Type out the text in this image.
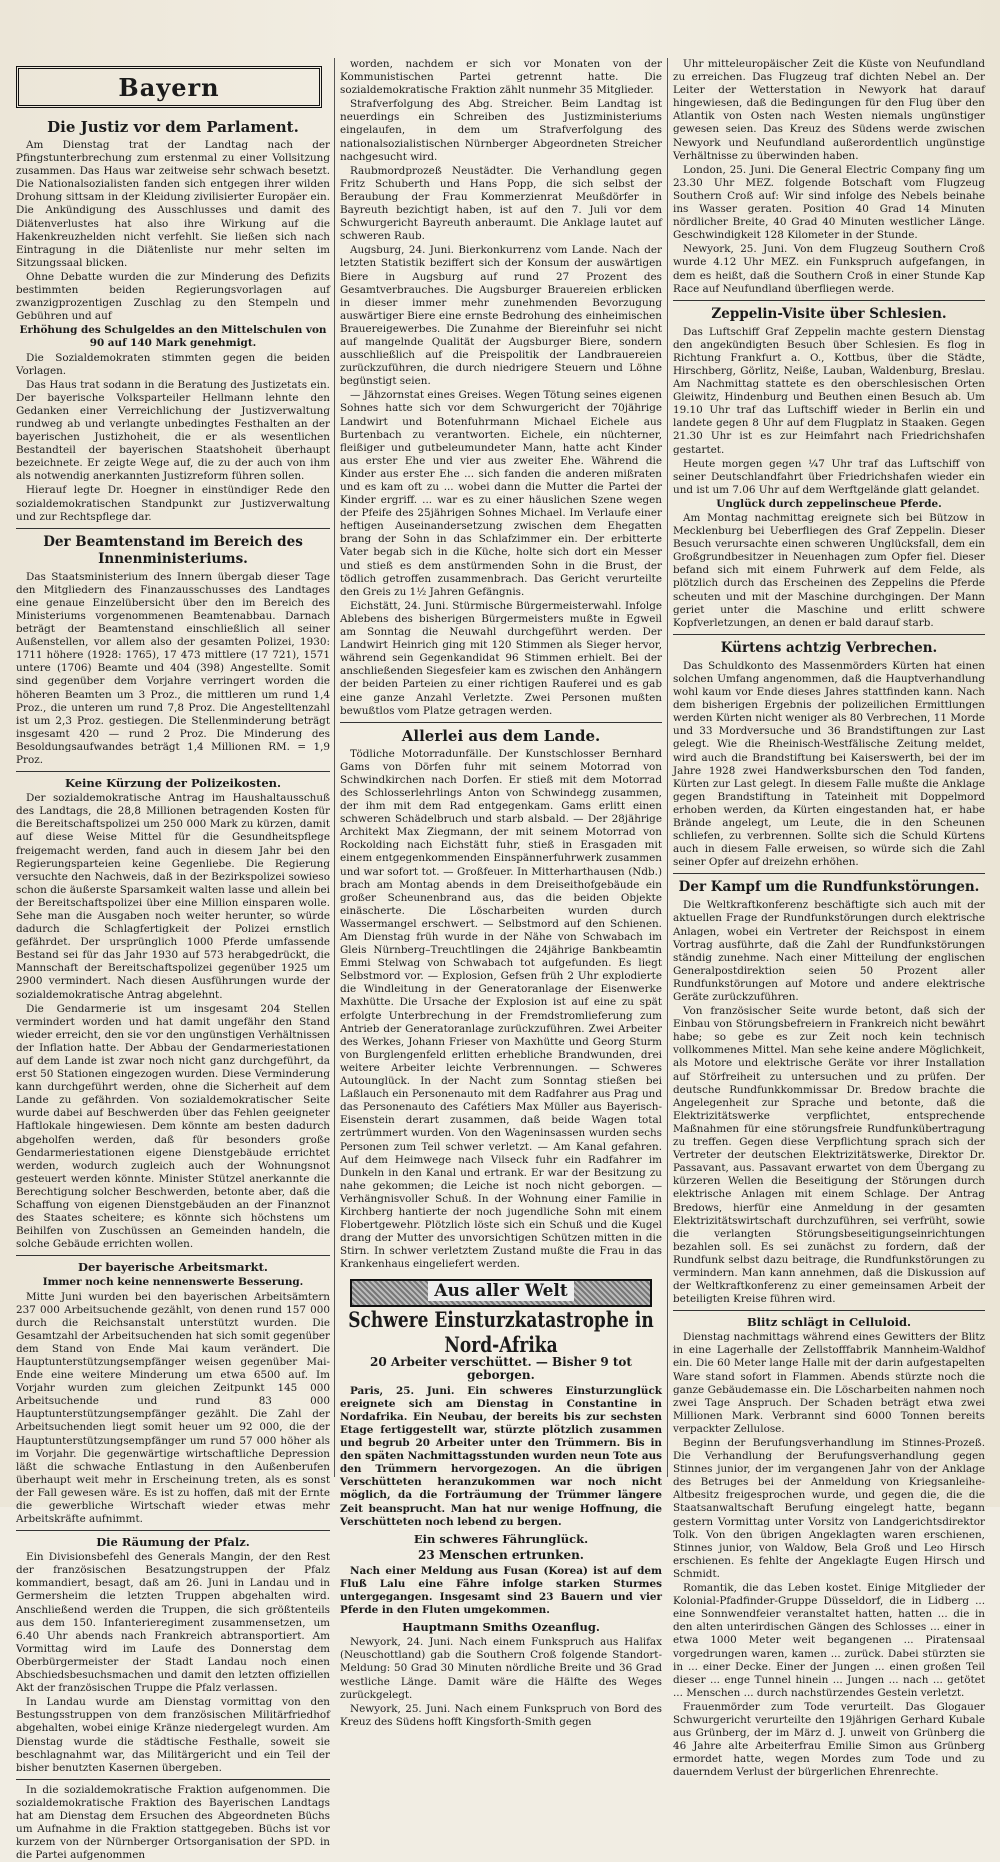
Die Justiz vor dem Parlament.

Am Dienstag trat der Landtag nach der Pfingstunterbrechung zum erstenmal zu einer Vollsitzung zusammen. Das Haus war zeitweise sehr schwach besetzt. Die Nationalsozialisten fanden sich entgegen ihrer wilden Drohung sittsam in der Kleidung zivilisierter Europäer ein. Die Ankündigung des Ausschlusses und damit des Diätenverlustes hat also ihre Wirkung auf die Hakenkreuzhelden nicht verfehlt. Sie ließen sich nach Eintragung in die Diätenliste nur mehr selten im Sitzungssaal blicken.

Ohne Debatte wurden die zur Minderung des Defizits bestimmten beiden Regierungsvorlagen auf zwanzigprozentigen Zuschlag zu den Stempeln und Gebühren und auf

Erhöhung des Schulgeldes an den Mittelschulen von 90 auf 140 Mark genehmigt.

Die Sozialdemokraten stimmten gegen die beiden Vorlagen.

Das Haus trat sodann in die Beratung des Justizetats ein. Der bayerische Volksparteiler Hellmann lehnte den Gedanken einer Verreichlichung der Justizverwaltung rundweg ab und verlangte unbedingtes Festhalten an der bayerischen Justizhoheit, die er als wesentlichen Bestandteil der bayerischen Staatshoheit überhaupt bezeichnete. Er zeigte Wege auf, die zu der auch von ihm als notwendig anerkannten Justizreform führen sollen.

Hierauf legte Dr. Hoegner in einstündiger Rede den sozialdemokratischen Standpunkt zur Justizverwaltung und zur Rechtspflege dar.

Der Beamtenstand im Bereich des Innenministeriums.

Das Staatsministerium des Innern übergab dieser Tage den Mitgliedern des Finanzausschusses des Landtages eine genaue Einzelübersicht über den im Bereich des Ministeriums vorgenommenen Beamtenabbau. Darnach beträgt der Beamtenstand einschließlich all seiner Außenstellen, vor allem also der gesamten Polizei, 1930: 1711 höhere (1928: 1765), 17 473 mittlere (17 721), 1571 untere (1706) Beamte und 404 (398) Angestellte. Somit sind gegenüber dem Vorjahre verringert worden die höheren Beamten um 3 Proz., die mittleren um rund 1,4 Proz., die unteren um rund 7,8 Proz. Die Angestelltenzahl ist um 2,3 Proz. gestiegen. Die Stellenminderung beträgt insgesamt 420 — rund 2 Proz. Die Minderung des Besoldungsaufwandes beträgt 1,4 Millionen RM. = 1,9 Proz.

Keine Kürzung der Polizeikosten.

Der sozialdemokratische Antrag im Haushaltausschuß des Landtags, die 28,8 Millionen betragenden Kosten für die Bereitschaftspolizei um 250 000 Mark zu kürzen, damit auf diese Weise Mittel für die Gesundheitspflege freigemacht werden, fand auch in diesem Jahr bei den Regierungsparteien keine Gegenliebe. Die Regierung versuchte den Nachweis, daß in der Bezirkspolizei sowieso schon die äußerste Sparsamkeit walten lasse und allein bei der Bereitschaftspolizei über eine Million einsparen wolle. Sehe man die Ausgaben noch weiter herunter, so würde dadurch die Schlagfertigkeit der Polizei ernstlich gefährdet. Der ursprünglich 1000 Pferde umfassende Bestand sei für das Jahr 1930 auf 573 herabgedrückt, die Mannschaft der Bereitschaftspolizei gegenüber 1925 um 2900 vermindert. Nach diesen Ausführungen wurde der sozialdemokratische Antrag abgelehnt.

Die Gendarmerie ist um insgesamt 204 Stellen vermindert worden und hat damit ungefähr den Stand wieder erreicht, den sie vor den ungünstigen Verhältnissen der Inflation hatte. Der Abbau der Gendarmeriestationen auf dem Lande ist zwar noch nicht ganz durchgeführt, da erst 50 Stationen eingezogen wurden. Diese Verminderung kann durchgeführt werden, ohne die Sicherheit auf dem Lande zu gefährden. Von sozialdemokratischer Seite wurde dabei auf Beschwerden über das Fehlen geeigneter Haftlokale hingewiesen. Dem könnte am besten dadurch abgeholfen werden, daß für besonders große Gendarmeriestationen eigene Dienstgebäude errichtet werden, wodurch zugleich auch der Wohnungsnot gesteuert werden könnte. Minister Stützel anerkannte die Berechtigung solcher Beschwerden, betonte aber, daß die Schaffung von eigenen Dienstgebäuden an der Finanznot des Staates scheitere; es könnte sich höchstens um Beihilfen von Zuschüssen an Gemeinden handeln, die solche Gebäude errichten wollen.

Der bayerische Arbeitsmarkt.

Immer noch keine nennenswerte Besserung.

Mitte Juni wurden bei den bayerischen Arbeitsämtern 237 000 Arbeitsuchende gezählt, von denen rund 157 000 durch die Reichsanstalt unterstützt wurden. Die Gesamtzahl der Arbeitsuchenden hat sich somit gegenüber dem Stand von Ende Mai kaum verändert. Die Hauptunterstützungsempfänger weisen gegenüber Mai-Ende eine weitere Minderung um etwa 6500 auf. Im Vorjahr wurden zum gleichen Zeitpunkt 145 000 Arbeitsuchende und rund 83 000 Hauptunterstützungsempfänger gezählt. Die Zahl der Arbeitsuchenden liegt somit heuer um 92 000, die der Hauptunterstützungsempfänger um rund 57 000 höher als im Vorjahr. Die gegenwärtige wirtschaftliche Depression läßt die schwache Entlastung in den Außenberufen überhaupt weit mehr in Erscheinung treten, als es sonst der Fall gewesen wäre. Es ist zu hoffen, daß mit der Ernte die gewerbliche Wirtschaft wieder etwas mehr Arbeitskräfte aufnimmt.

Die Räumung der Pfalz.

Ein Divisionsbefehl des Generals Mangin, der den Rest der französischen Besatzungstruppen der Pfalz kommandiert, besagt, daß am 26. Juni in Landau und in Germersheim die letzten Truppen abgehalten wird. Anschließend werden die Truppen, die sich größtenteils aus dem 150. Infanterieregiment zusammensetzen, um 6.40 Uhr abends nach Frankreich abtransportiert. Am Vormittag wird im Laufe des Donnerstag dem Oberbürgermeister der Stadt Landau noch einen Abschiedsbesuchsmachen und damit den letzten offiziellen Akt der französischen Truppe die Pfalz verlassen.

In Landau wurde am Dienstag vormittag von den Bestungsstruppen von dem französischen Militärfriedhof abgehalten, wobei einige Kränze niedergelegt wurden. Am Dienstag wurde die städtische Festhalle, soweit sie beschlagnahmt war, das Militärgericht und ein Teil der bisher benutzten Kasernen übergeben.

In die sozialdemokratische Fraktion aufgenommen. Die sozialdemokratische Fraktion des Bayerischen Landtags hat am Dienstag dem Ersuchen des Abgeordneten Büchs um Aufnahme in die Fraktion stattgegeben. Büchs ist vor kurzem von der Nürnberger Ortsorganisation der SPD. in die Partei aufgenommen

Bayern

worden, nachdem er sich vor Monaten von der Kommunistischen Partei getrennt hatte. Die sozialdemokratische Fraktion zählt nunmehr 35 Mitglieder.

Strafverfolgung des Abg. Streicher. Beim Landtag ist neuerdings ein Schreiben des Justizministeriums eingelaufen, in dem um Strafverfolgung des nationalsozialistischen Nürnberger Abgeordneten Streicher nachgesucht wird.

Raubmordprozeß Neustädter. Die Verhandlung gegen Fritz Schuberth und Hans Popp, die sich selbst der Beraubung der Frau Kommerzienrat Meußdörfer in Bayreuth bezichtigt haben, ist auf den 7. Juli vor dem Schwurgericht Bayreuth anberaumt. Die Anklage lautet auf schweren Raub.

Augsburg, 24. Juni. Bierkonkurrenz vom Lande. Nach der letzten Statistik beziffert sich der Konsum der auswärtigen Biere in Augsburg auf rund 27 Prozent des Gesamtverbrauches. Die Augsburger Brauereien erblicken in dieser immer mehr zunehmenden Bevorzugung auswärtiger Biere eine ernste Bedrohung des einheimischen Brauereigewerbes. Die Zunahme der Biereinfuhr sei nicht auf mangelnde Qualität der Augsburger Biere, sondern ausschließlich auf die Preispolitik der Landbrauereien zurückzuführen, die durch niedrigere Steuern und Löhne begünstigt seien.

— Jähzornstat eines Greises. Wegen Tötung seines eigenen Sohnes hatte sich vor dem Schwurgericht der 70jährige Landwirt und Botenfuhrmann Michael Eichele aus Burtenbach zu verantworten. Eichele, ein nüchterner, fleißiger und gutbeleumundeter Mann, hatte acht Kinder aus erster Ehe und vier aus zweiter Ehe. Während die Kinder aus erster Ehe ... sich fanden die anderen mißraten und es kam oft zu ... wobei dann die Mutter die Partei der Kinder ergriff. ... war es zu einer häuslichen Szene wegen der Pfeife des 25jährigen Sohnes Michael. Im Verlaufe einer heftigen Auseinandersetzung zwischen dem Ehegatten brang der Sohn in das Schlafzimmer ein. Der erbitterte Vater begab sich in die Küche, holte sich dort ein Messer und stieß es dem anstürmenden Sohn in die Brust, der tödlich getroffen zusammenbrach. Das Gericht verurteilte den Greis zu 1½ Jahren Gefängnis.

Eichstätt, 24. Juni. Stürmische Bürgermeisterwahl. Infolge Ablebens des bisherigen Bürgermeisters mußte in Egweil am Sonntag die Neuwahl durchgeführt werden. Der Landwirt Heinrich ging mit 120 Stimmen als Sieger hervor, während sein Gegenkandidat 96 Stimmen erhielt. Bei der anschließenden Siegesfeier kam es zwischen den Anhängern der beiden Parteien zu einer richtigen Rauferei und es gab eine ganze Anzahl Verletzte. Zwei Personen mußten bewußtlos vom Platze getragen werden.

Allerlei aus dem Lande.

Tödliche Motorradunfälle. Der Kunstschlosser Bernhard Gams von Dörfen fuhr mit seinem Motorrad von Schwindkirchen nach Dorfen. Er stieß mit dem Motorrad des Schlosserlehrlings Anton von Schwindegg zusammen, der ihm mit dem Rad entgegenkam. Gams erlitt einen schweren Schädelbruch und starb alsbald. — Der 28jährige Architekt Max Ziegmann, der mit seinem Motorrad von Rockolding nach Eichstätt fuhr, stieß in Erasgaden mit einem entgegenkommenden Einspännerfuhrwerk zusammen und war sofort tot. — Großfeuer. In Mitterharthausen (Ndb.) brach am Montag abends in dem Dreiseithofgebäude ein großer Scheunenbrand aus, das die beiden Objekte einäscherte. Die Löscharbeiten wurden durch Wassermangel erschwert. — Selbstmord auf den Schienen. Am Dienstag früh wurde in der Nähe von Schwabach im Gleis Nürnberg–Treuchtlingen die 24jährige Bankbeamtin Emmi Stelwag von Schwabach tot aufgefunden. Es liegt Selbstmord vor. — Explosion, Gefsen früh 2 Uhr explodierte die Windleitung in der Generatoranlage der Eisenwerke Maxhütte. Die Ursache der Explosion ist auf eine zu spät erfolgte Unterbrechung in der Fremdstromlieferung zum Antrieb der Generatoranlage zurückzuführen. Zwei Arbeiter des Werkes, Johann Frieser von Maxhütte und Georg Sturm von Burglengenfeld erlitten erhebliche Brandwunden, drei weitere Arbeiter leichte Verbrennungen. — Schweres Autounglück. In der Nacht zum Sonntag stießen bei Laßlauch ein Personenauto mit dem Radfahrer aus Prag und das Personenauto des Cafétiers Max Müller aus Bayerisch-Eisenstein derart zusammen, daß beide Wagen total zertrümmert wurden. Von den Wageninsassen wurden sechs Personen zum Teil schwer verletzt. — Am Kanal gefahren. Auf dem Heimwege nach Vilseck fuhr ein Radfahrer im Dunkeln in den Kanal und ertrank. Er war der Besitzung zu nahe gekommen; die Leiche ist noch nicht geborgen. — Verhängnisvoller Schuß. In der Wohnung einer Familie in Kirchberg hantierte der noch jugendliche Sohn mit einem Flobertgewehr. Plötzlich löste sich ein Schuß und die Kugel drang der Mutter des unvorsichtigen Schützen mitten in die Stirn. In schwer verletztem Zustand mußte die Frau in das Krankenhaus eingeliefert werden.

Aus aller Welt
Schwere Einsturzkatastrophe in Nord-Afrika
20 Arbeiter verschüttet. — Bisher 9 tot geborgen.

Paris, 25. Juni. Ein schweres Einsturzunglück ereignete sich am Dienstag in Constantine in Nordafrika. Ein Neubau, der bereits bis zur sechsten Etage fertiggestellt war, stürzte plötzlich zusammen und begrub 20 Arbeiter unter den Trümmern. Bis in den späten Nachmittagsstunden wurden neun Tote aus den Trümmern hervorgezogen. An die übrigen Verschütteten heranzukommen war noch nicht möglich, da die Forträumung der Trümmer längere Zeit beansprucht. Man hat nur wenige Hoffnung, die Verschütteten noch lebend zu bergen.

Ein schweres Fährunglück.
23 Menschen ertrunken.

Nach einer Meldung aus Fusan (Korea) ist auf dem Fluß Lalu eine Fähre infolge starken Sturmes untergegangen. Insgesamt sind 23 Bauern und vier Pferde in den Fluten umgekommen.

Hauptmann Smiths Ozeanflug.

Newyork, 24. Juni. Nach einem Funkspruch aus Halifax (Neuschottland) gab die Southern Croß folgende Standort-Meldung: 50 Grad 30 Minuten nördliche Breite und 36 Grad westliche Länge. Damit wäre die Hälfte des Weges zurückgelegt.

Newyork, 25. Juni. Nach einem Funkspruch von Bord des Kreuz des Südens hofft Kingsforth-Smith gegen

Uhr mitteleuropäischer Zeit die Küste von Neufundland zu erreichen. Das Flugzeug traf dichten Nebel an. Der Leiter der Wetterstation in Newyork hat darauf hingewiesen, daß die Bedingungen für den Flug über den Atlantik von Osten nach Westen niemals ungünstiger gewesen seien. Das Kreuz des Südens werde zwischen Newyork und Neufundland außerordentlich ungünstige Verhältnisse zu überwinden haben.

London, 25. Juni. Die General Electric Company fing um 23.30 Uhr MEZ. folgende Botschaft vom Flugzeug Southern Croß auf: Wir sind infolge des Nebels beinahe ins Wasser geraten. Position 40 Grad 14 Minuten nördlicher Breite, 40 Grad 40 Minuten westlicher Länge. Geschwindigkeit 128 Kilometer in der Stunde.

Newyork, 25. Juni. Von dem Flugzeug Southern Croß wurde 4.12 Uhr MEZ. ein Funkspruch aufgefangen, in dem es heißt, daß die Southern Croß in einer Stunde Kap Race auf Neufundland überfliegen werde.

Zeppelin-Visite über Schlesien.

Das Luftschiff Graf Zeppelin machte gestern Dienstag den angekündigten Besuch über Schlesien. Es flog in Richtung Frankfurt a. O., Kottbus, über die Städte, Hirschberg, Görlitz, Neiße, Lauban, Waldenburg, Breslau. Am Nachmittag stattete es den oberschlesischen Orten Gleiwitz, Hindenburg und Beuthen einen Besuch ab. Um 19.10 Uhr traf das Luftschiff wieder in Berlin ein und landete gegen 8 Uhr auf dem Flugplatz in Staaken. Gegen 21.30 Uhr ist es zur Heimfahrt nach Friedrichshafen gestartet.

Heute morgen gegen ¼7 Uhr traf das Luftschiff von seiner Deutschlandfahrt über Friedrichshafen wieder ein und ist um 7.06 Uhr auf dem Werftgelände glatt gelandet.

Unglück durch zeppelinscheue Pferde.

Am Montag nachmittag ereignete sich bei Bützow in Mecklenburg bei Ueberfliegen des Graf Zeppelin. Dieser Besuch verursachte einen schweren Unglücksfall, dem ein Großgrundbesitzer in Neuenhagen zum Opfer fiel. Dieser befand sich mit einem Fuhrwerk auf dem Felde, als plötzlich durch das Erscheinen des Zeppelins die Pferde scheuten und mit der Maschine durchgingen. Der Mann geriet unter die Maschine und erlitt schwere Kopfverletzungen, an denen er bald darauf starb.

Kürtens achtzig Verbrechen.

Das Schuldkonto des Massenmörders Kürten hat einen solchen Umfang angenommen, daß die Hauptverhandlung wohl kaum vor Ende dieses Jahres stattfinden kann. Nach dem bisherigen Ergebnis der polizeilichen Ermittlungen werden Kürten nicht weniger als 80 Verbrechen, 11 Morde und 33 Mordversuche und 36 Brandstiftungen zur Last gelegt. Wie die Rheinisch-Westfälische Zeitung meldet, wird auch die Brandstiftung bei Kaiserswerth, bei der im Jahre 1928 zwei Handwerksburschen den Tod fanden, Kürten zur Last gelegt. In diesem Falle mußte die Anklage gegen Brandstiftung in Tateinheit mit Doppelmord erhoben werden, da Kürten eingestanden hat, er habe Brände angelegt, um Leute, die in den Scheunen schliefen, zu verbrennen. Sollte sich die Schuld Kürtens auch in diesem Falle erweisen, so würde sich die Zahl seiner Opfer auf dreizehn erhöhen.

Der Kampf um die Rundfunkstörungen.

Die Weltkraftkonferenz beschäftigte sich auch mit der aktuellen Frage der Rundfunkstörungen durch elektrische Anlagen, wobei ein Vertreter der Reichspost in einem Vortrag ausführte, daß die Zahl der Rundfunkstörungen ständig zunehme. Nach einer Mitteilung der englischen Generalpostdirektion seien 50 Prozent aller Rundfunkstörungen auf Motore und andere elektrische Geräte zurückzuführen.

Von französischer Seite wurde betont, daß sich der Einbau von Störungsbefreiern in Frankreich nicht bewährt habe; so gebe es zur Zeit noch kein technisch vollkommenes Mittel. Man sehe keine andere Möglichkeit, als Motore und elektrische Geräte vor ihrer Installation auf Störfreiheit zu untersuchen und zu prüfen. Der deutsche Rundfunkkommissar Dr. Bredow brachte die Angelegenheit zur Sprache und betonte, daß die Elektrizitätswerke verpflichtet, entsprechende Maßnahmen für eine störungsfreie Rundfunkübertragung zu treffen. Gegen diese Verpflichtung sprach sich der Vertreter der deutschen Elektrizitätswerke, Direktor Dr. Passavant, aus. Passavant erwartet von dem Übergang zu kürzeren Wellen die Beseitigung der Störungen durch elektrische Anlagen mit einem Schlage. Der Antrag Bredows, hierfür eine Anmeldung in der gesamten Elektrizitätswirtschaft durchzuführen, sei verfrüht, sowie die verlangten Störungsbeseitigungseinrichtungen bezahlen soll. Es sei zunächst zu fordern, daß der Rundfunk selbst dazu beitrage, die Rundfunkstörungen zu vermindern. Man kann annehmen, daß die Diskussion auf der Weltkraftkonferenz zu einer gemeinsamen Arbeit der beteiligten Kreise führen wird.

Blitz schlägt in Celluloid.

Dienstag nachmittags während eines Gewitters der Blitz in eine Lagerhalle der Zellstofffabrik Mannheim-Waldhof ein. Die 60 Meter lange Halle mit der darin aufgestapelten Ware stand sofort in Flammen. Abends stürzte noch die ganze Gebäudemasse ein. Die Löscharbeiten nahmen noch zwei Tage Anspruch. Der Schaden beträgt etwa zwei Millionen Mark. Verbrannt sind 6000 Tonnen bereits verpackter Zellulose.

Beginn der Berufungsverhandlung im Stinnes-Prozeß. Die Verhandlung der Berufungsverhandlung gegen Stinnes junior, der im vergangenen Jahr von der Anklage des Betruges bei der Anmeldung von Kriegsanleihe-Altbesitz freigesprochen wurde, und gegen die, die die Staatsanwaltschaft Berufung eingelegt hatte, begann gestern Vormittag unter Vorsitz von Landgerichtsdirektor Tolk. Von den übrigen Angeklagten waren erschienen, Stinnes junior, von Waldow, Bela Groß und Leo Hirsch erschienen. Es fehlte der Angeklagte Eugen Hirsch und Schmidt.

Romantik, die das Leben kostet. Einige Mitglieder der Kolonial-Pfadfinder-Gruppe Düsseldorf, die in Lidberg ... eine Sonnwendfeier veranstaltet hatten, hatten ... die in den alten unterirdischen Gängen des Schlosses ... einer in etwa 1000 Meter weit begangenen ... Piratensaal vorgedrungen waren, kamen ... zurück. Dabei stürzten sie in ... einer Decke. Einer der Jungen ... einen großen Teil dieser ... enge Tunnel hinein ... Jungen ... nach ... getötet ... Menschen ... durch nachstürzendes Gestein verletzt.

Frauenmörder zum Tode verurteilt. Das Glogauer Schwurgericht verurteilte den 19jährigen Gerhard Kubale aus Grünberg, der im März d. J. unweit von Grünberg die 46 Jahre alte Arbeiterfrau Emilie Simon aus Grünberg ermordet hatte, wegen Mordes zum Tode und zu dauerndem Verlust der bürgerlichen Ehrenrechte.
